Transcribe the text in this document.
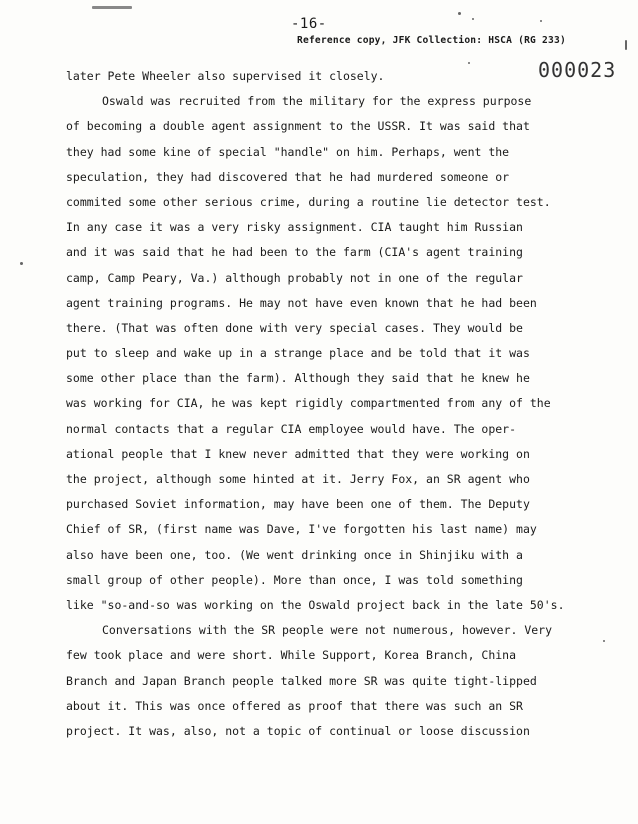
-16-
Reference copy, JFK Collection: HSCA (RG 233)
000023
later Pete Wheeler also supervised it closely.
Oswald was recruited from the military for the express purpose
of becoming a double agent assignment to the USSR. It was said that
they had some kine of special "handle" on him. Perhaps, went the
speculation, they had discovered that he had murdered someone or
commited some other serious crime, during a routine lie detector test.
In any case it was a very risky assignment. CIA taught him Russian
and it was said that he had been to the farm (CIA's agent training
camp, Camp Peary, Va.) although probably not in one of the regular
agent training programs. He may not have even known that he had been
there. (That was often done with very special cases. They would be
put to sleep and wake up in a strange place and be told that it was
some other place than the farm). Although they said that he knew he
was working for CIA, he was kept rigidly compartmented from any of the
normal contacts that a regular CIA employee would have. The oper-
ational people that I knew never admitted that they were working on
the project, although some hinted at it. Jerry Fox, an SR agent who
purchased Soviet information, may have been one of them. The Deputy
Chief of SR, (first name was Dave, I've forgotten his last name) may
also have been one, too. (We went drinking once in Shinjiku with a
small group of other people). More than once, I was told something
like "so-and-so was working on the Oswald project back in the late 50's.
Conversations with the SR people were not numerous, however. Very
few took place and were short. While Support, Korea Branch, China
Branch and Japan Branch people talked more SR was quite tight-lipped
about it. This was once offered as proof that there was such an SR
project. It was, also, not a topic of continual or loose discussion
